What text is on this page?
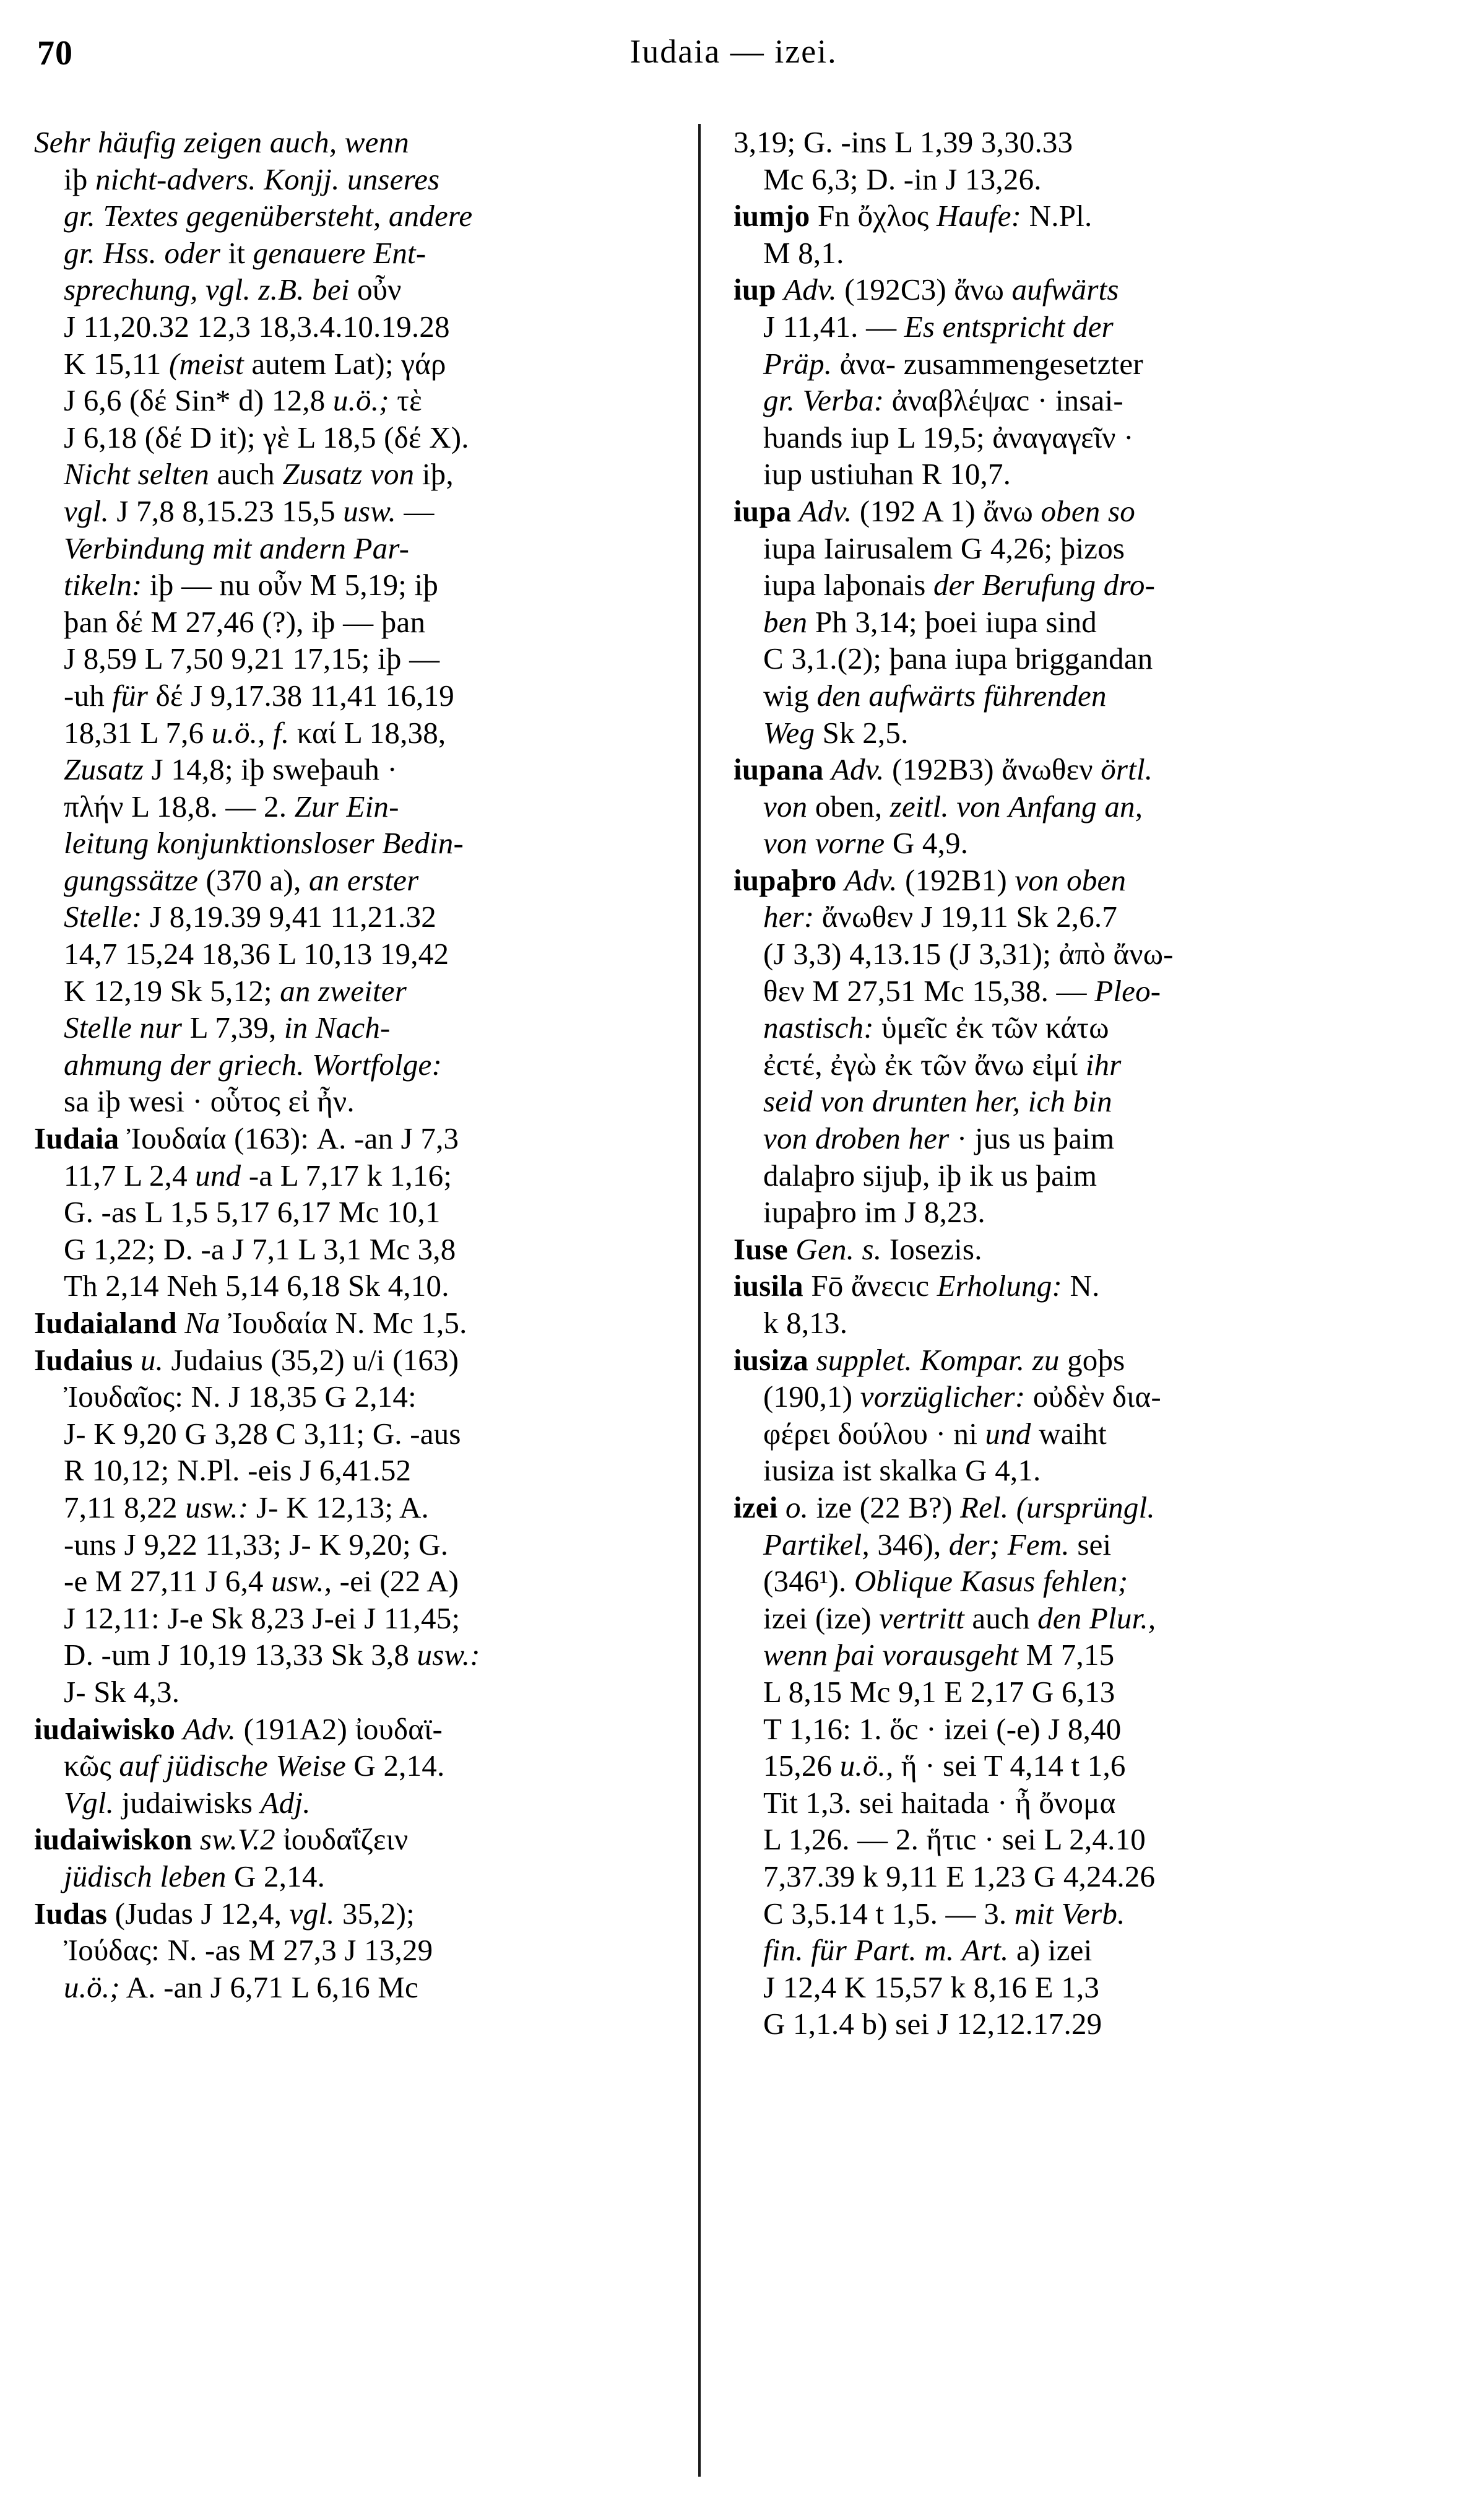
70	Iudaia — izei.
Sehr häufig zeigen auch, wenn
iþ nicht-advers. Konjj. unseres
gr. Textes gegenübersteht, andere
gr. Hss. oder it genauere Ent-
sprechung, vgl. z.B. bei οὖν
J 11,20.32 12,3 18,3.4.10.19.28
K 15,11 (meist autem Lat); γάρ
J 6,6 (δέ Sin* d) 12,8 u.ö.; τὲ
J 6,18 (δέ D it); γὲ L 18,5 (δέ X).
Nicht selten auch Zusatz von iþ,
vgl. J 7,8 8,15.23 15,5 usw. —
Verbindung mit andern Par-
tikeln: iþ — nu οὖν M 5,19; iþ
þan δέ M 27,46 (?), iþ — þan
J 8,59 L 7,50 9,21 17,15; iþ —
-uh für δέ J 9,17.38 11,41 16,19
18,31 L 7,6 u.ö., f. καί L 18,38,
Zusatz J 14,8; iþ sweþauh ·
πλήν L 18,8. — 2. Zur Ein-
leitung konjunktionsloser Bedin-
gungssätze (370 a), an erster
Stelle: J 8,19.39 9,41 11,21.32
14,7 15,24 18,36 L 10,13 19,42
K 12,19 Sk 5,12; an zweiter
Stelle nur L 7,39, in Nach-
ahmung der griech. Wortfolge:
sa iþ wesi · οὗτος εἰ ἦν.
Iudaia Ἰουδαία (163): A. -an J 7,3
11,7 L 2,4 und -a L 7,17 k 1,16;
G. -as L 1,5 5,17 6,17 Mc 10,1
G 1,22; D. -a J 7,1 L 3,1 Mc 3,8
Th 2,14 Neh 5,14 6,18 Sk 4,10.
Iudaialand Na Ἰουδαία N. Mc 1,5.
Iudaius u. Judaius (35,2) u/i (163)
Ἰουδαῖος: N. J 18,35 G 2,14:
J- K 9,20 G 3,28 C 3,11; G. -aus
R 10,12; N.Pl. -eis J 6,41.52
7,11 8,22 usw.: J- K 12,13; A.
-uns J 9,22 11,33; J- K 9,20; G.
-e M 27,11 J 6,4 usw., -ei (22 A)
J 12,11: J-e Sk 8,23 J-ei J 11,45;
D. -um J 10,19 13,33 Sk 3,8 usw.:
J- Sk 4,3.
iudaiwisko Adv. (191A2) ἰουδαϊ-
κῶς auf jüdische Weise G 2,14.
Vgl. judaiwisks Adj.
iudaiwiskon sw.V.2 ἰουδαΐζειν
jüdisch leben G 2,14.
Iudas (Judas J 12,4, vgl. 35,2);
Ἰούδας: N. -as M 27,3 J 13,29
u.ö.; A. -an J 6,71 L 6,16 Mc
3,19; G. -ins L 1,39 3,30.33
Mc 6,3; D. -in J 13,26.
iumjo Fn ὄχλος Haufe: N.Pl.
M 8,1.
iup Adv. (192C3) ἄνω aufwärts
J 11,41. — Es entspricht der
Präp. ἀνα- zusammengesetzter
gr. Verba: ἀναβλέψαc · insai-
ƕands iup L 19,5; ἀναγαγεῖν ·
iup ustiuhan R 10,7.
iupa Adv. (192 A 1) ἄνω oben so
iupa Iairusalem G 4,26; þizos
iupa laþonais der Berufung dro-
ben Ph 3,14; þoei iupa sind
C 3,1.(2); þana iupa briggandan
wig den aufwärts führenden
Weg Sk 2,5.
iupana Adv. (192B3) ἄνωθεν örtl.
von oben, zeitl. von Anfang an,
von vorne G 4,9.
iupaþro Adv. (192B1) von oben
her: ἄνωθεν J 19,11 Sk 2,6.7
(J 3,3) 4,13.15 (J 3,31); ἀπὸ ἄνω-
θεν M 27,51 Mc 15,38. — Pleo-
nastisch: ὑμεῖc ἐκ τῶν κάτω
ἐcτέ, ἐγὼ ἐκ τῶν ἄνω εἰμί ihr
seid von drunten her, ich bin
von droben her · jus us þaim
dalaþro sijuþ, iþ ik us þaim
iupaþro im J 8,23.
Iuse Gen. s. Iosezis.
iusila Fō ἄνεcιc Erholung: N.
k 8,13.
iusiza supplet. Kompar. zu goþs
(190,1) vorzüglicher: οὐδὲν δια-
φέρει δούλου · ni und waiht
iusiza ist skalka G 4,1.
izei o. ize (22 B?) Rel. (ursprüngl.
Partikel, 346), der; Fem. sei
(346¹). Oblique Kasus fehlen;
izei (ize) vertritt auch den Plur.,
wenn þai vorausgeht M 7,15
L 8,15 Mc 9,1 E 2,17 G 6,13
T 1,16: 1. ὅc · izei (-e) J 8,40
15,26 u.ö., ἥ · sei T 4,14 t 1,6
Tit 1,3. sei haitada · ἦ ὄνομα
L 1,26. — 2. ἥτιc · sei L 2,4.10
7,37.39 k 9,11 E 1,23 G 4,24.26
C 3,5.14 t 1,5. — 3. mit Verb.
fin. für Part. m. Art. a) izei
J 12,4 K 15,57 k 8,16 E 1,3
G 1,1.4 b) sei J 12,12.17.29
